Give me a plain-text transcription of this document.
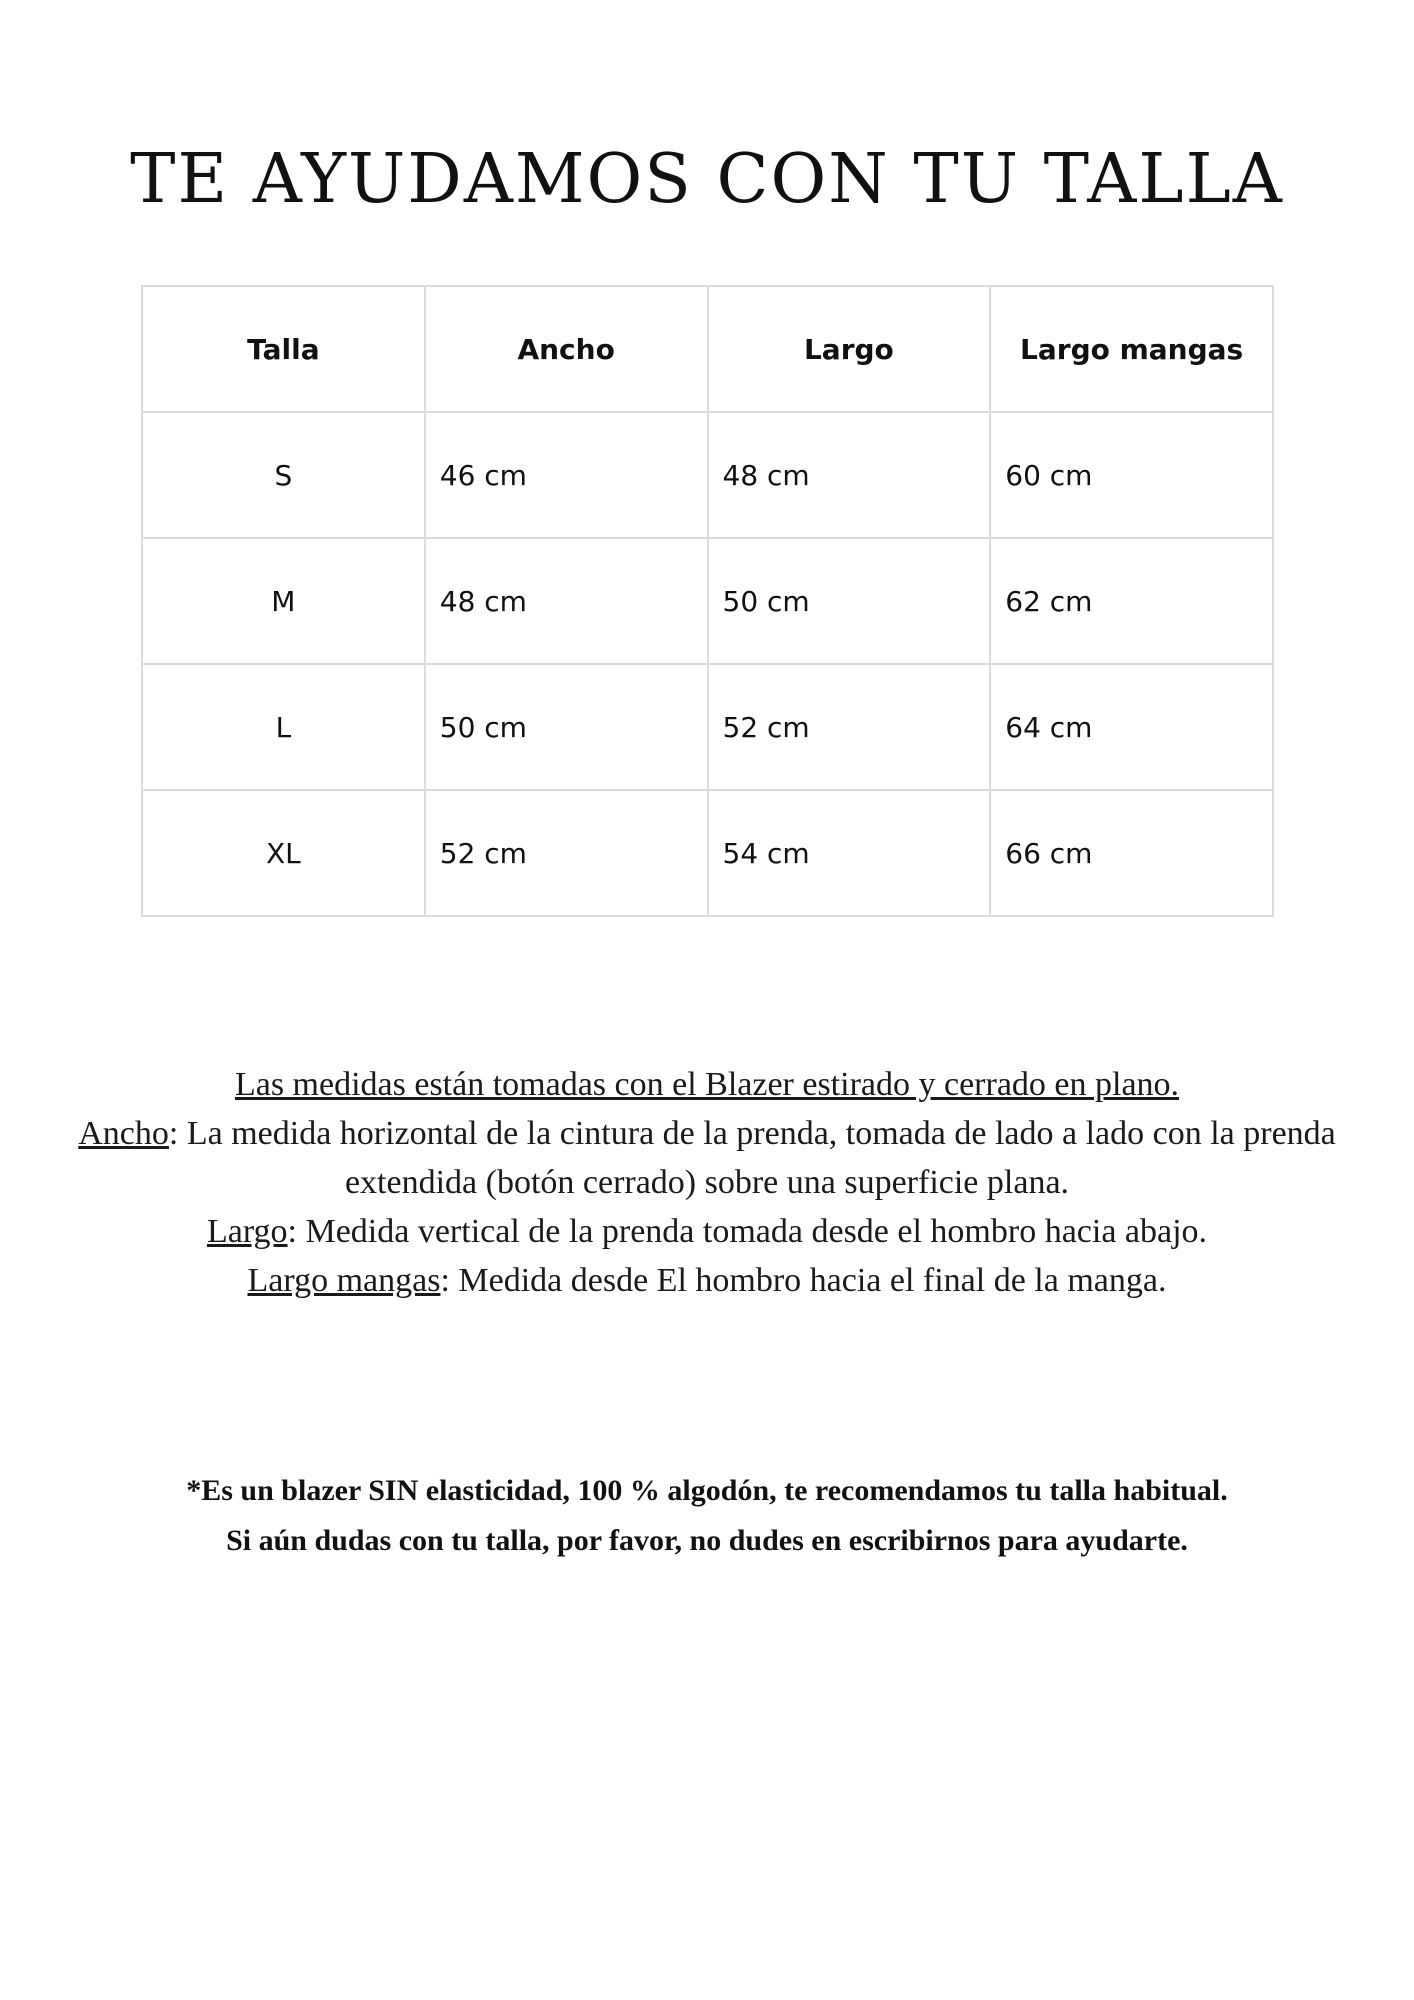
TE AYUDAMOS CON TU TALLA
Talla	Ancho	Largo	Largo mangas
S	46 cm	48 cm	60 cm
M	48 cm	50 cm	62 cm
L	50 cm	52 cm	64 cm
XL	52 cm	54 cm	66 cm
Las medidas están tomadas con el Blazer estirado y cerrado en plano.
Ancho: La medida horizontal de la cintura de la prenda, tomada de lado a lado con la prenda
extendida (botón cerrado) sobre una superficie plana.
Largo: Medida vertical de la prenda tomada desde el hombro hacia abajo.
Largo mangas: Medida desde El hombro hacia el final de la manga.
*Es un blazer SIN elasticidad, 100 % algodón, te recomendamos tu talla habitual.
Si aún dudas con tu talla, por favor, no dudes en escribirnos para ayudarte.
